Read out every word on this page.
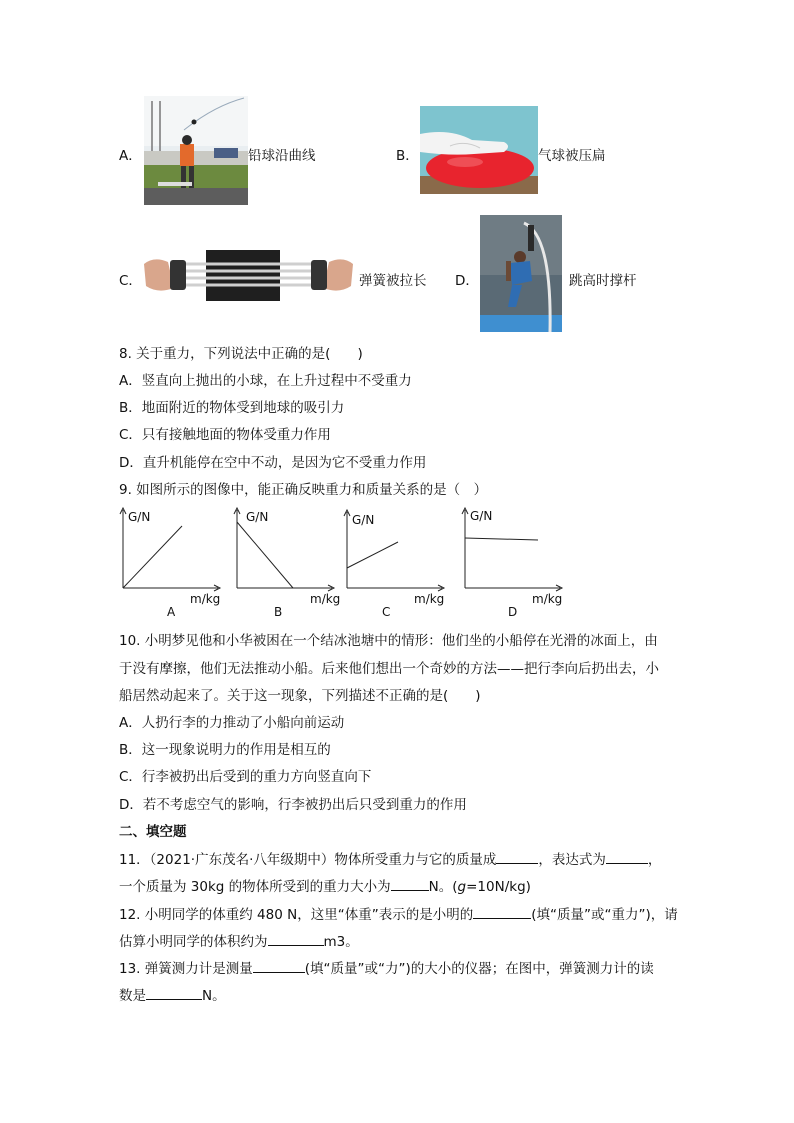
A．	铅球沿曲线	B．	气球被压扁
C．	弹簧被拉长 D．	跳高时撑杆
8. 关于重力，下列说法中正确的是(　　)
A．竖直向上抛出的小球，在上升过程中不受重力
B．地面附近的物体受到地球的吸引力
C．只有接触地面的物体受重力作用
D．直升机能停在空中不动，是因为它不受重力作用
9. 如图所示的图像中，能正确反映重力和质量关系的是（　）
G/N
m/kg
A
G/N
m/kg
B
G/N
m/kg
C
G/N
m/kg
D
10. 小明梦见他和小华被困在一个结冰池塘中的情形：他们坐的小船停在光滑的冰面上，由
于没有摩擦，他们无法推动小船。后来他们想出一个奇妙的方法——把行李向后扔出去，小
船居然动起来了。关于这一现象，下列描述不正确的是(　　)
A．人扔行李的力推动了小船向前运动
B．这一现象说明力的作用是相互的
C．行李被扔出后受到的重力方向竖直向下
D．若不考虑空气的影响，行李被扔出后只受到重力的作用
二、填空题
11．（2021·广东茂名·八年级期中）物体所受重力与它的质量成	，表达式为	，
一个质量为 30kg 的物体所受到的重力大小为	N。(g=10N/kg)
12. 小明同学的体重约 480 N，这里“体重”表示的是小明的	(填“质量”或“重力”)，请
估算小明同学的体积约为	m3。
13. 弹簧测力计是测量	(填“质量”或“力”)的大小的仪器；在图中，弹簧测力计的读
数是	N。
